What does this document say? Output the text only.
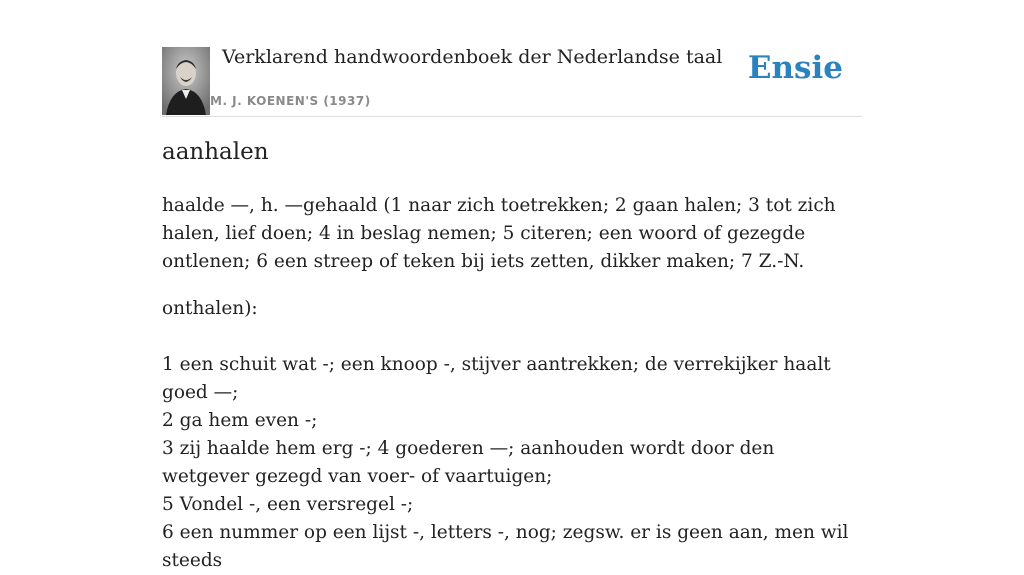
Verklarend handwoordenboek der Nederlandse taal
M. J. KOENEN'S (1937)
Ensie
aanhalen

haalde —, h. —gehaald (1 naar zich toetrekken; 2 gaan halen; 3 tot zich halen, lief doen; 4 in beslag nemen; 5 citeren; een woord of gezegde ontlenen; 6 een streep of teken bij iets zetten, dikker maken; 7 Z.-N.

onthalen):

1 een schuit wat -; een knoop -, stijver aantrekken; de verrekijker haalt goed —;
2 ga hem even -;
3 zij haalde hem erg -; 4 goederen —; aanhouden wordt door den wetgever gezegd van voer- of vaartuigen;
5 Vondel -, een versregel -;
6 een nummer op een lijst -, letters -, nog; zegsw. er is geen aan, men wil steeds
